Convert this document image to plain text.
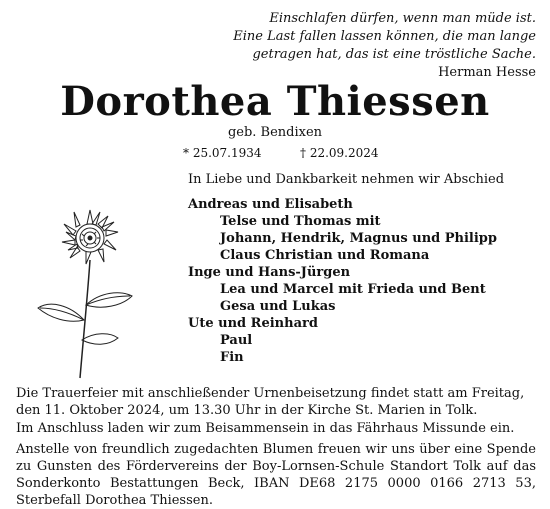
Einschlafen dürfen, wenn man müde ist.
Eine Last fallen lassen können, die man lange
getragen hat, das ist eine tröstliche Sache.
Herman Hesse
Dorothea Thiessen
geb. Bendixen
* 25.07.1934	† 22.09.2024
In Liebe und Dankbarkeit nehmen wir Abschied
Andreas und Elisabeth
Telse und Thomas mit
Johann, Hendrik, Magnus und Philipp
Claus Christian und Romana
Inge und Hans-Jürgen
Lea und Marcel mit Frieda und Bent
Gesa und Lukas
Ute und Reinhard
Paul
Fin
Die Trauerfeier mit anschließender Urnenbeisetzung findet statt am Freitag, den 11. Oktober 2024, um 13.30 Uhr in der Kirche St. Marien in Tolk.
Im Anschluss laden wir zum Beisammensein in das Fährhaus Missunde ein.
Anstelle von freundlich zugedachten Blumen freuen wir uns über eine Spende zu Gunsten des Fördervereins der Boy-Lornsen-Schule Standort Tolk auf das Sonderkonto Bestattungen Beck, IBAN DE68 2175 0000 0166 2713 53, Sterbefall Dorothea Thiessen.
